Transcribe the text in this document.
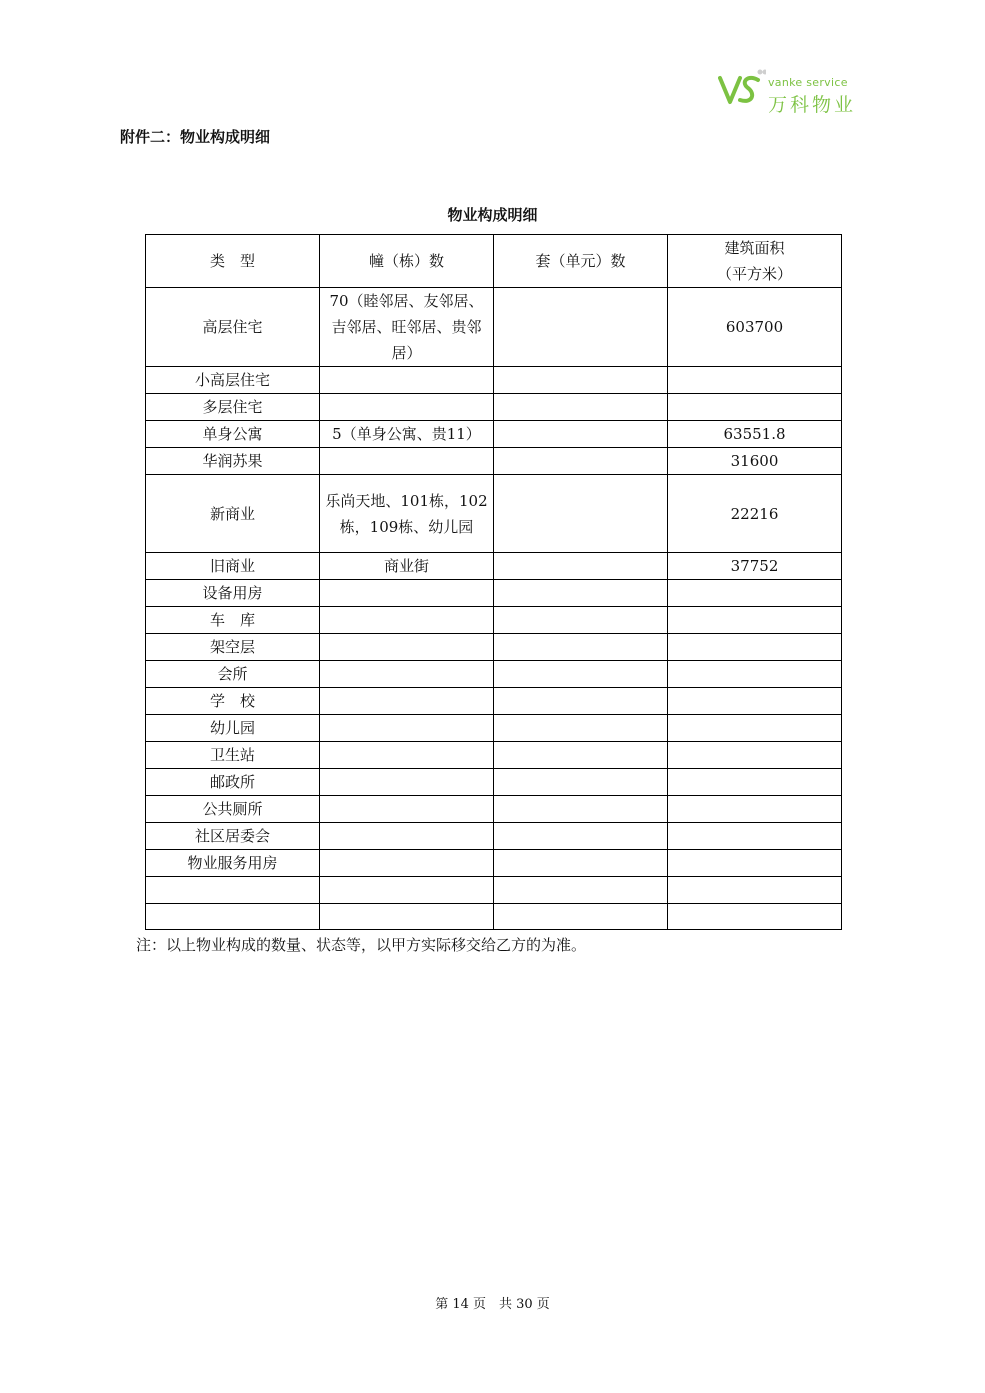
vanke service
万科物业
附件二：物业构成明细
物业构成明细
类　型	幢（栋）数	套（单元）数	建筑面积
（平方米）
高层住宅	70（睦邻居、友邻居、吉邻居、旺邻居、贵邻居）		603700
小高层住宅			
多层住宅			
单身公寓	5（单身公寓、贵11）		63551.8
华润苏果			31600
新商业	乐尚天地、101栋，102栋，109栋、幼儿园		22216
旧商业	商业街		37752
设备用房			
车　库			
架空层			
会所			
学　校			
幼儿园			
卫生站			
邮政所			
公共厕所			
社区居委会			
物业服务用房			

注：以上物业构成的数量、状态等，以甲方实际移交给乙方的为准。
第 14 页　共 30 页
